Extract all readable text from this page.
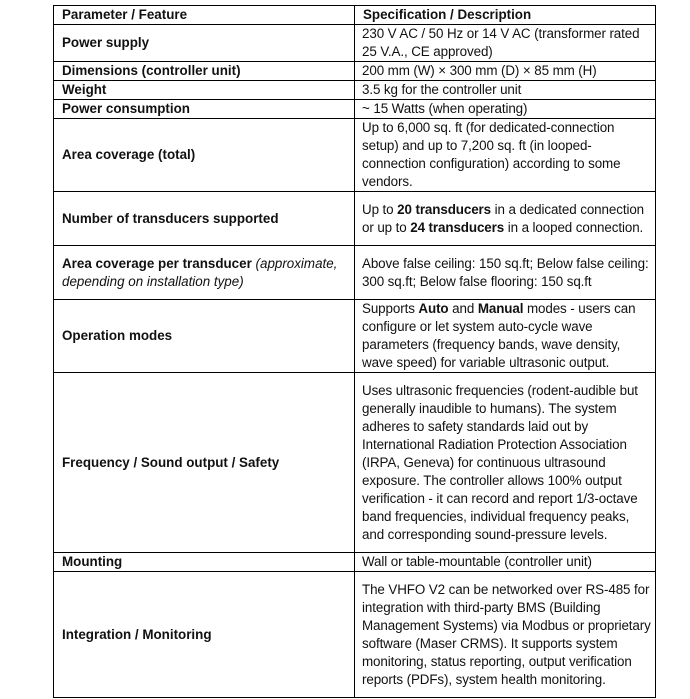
Parameter / Feature	Specification / Description
Power supply	230 V AC / 50 Hz or 14 V AC (transformer rated 25 V.A., CE approved)
Dimensions (controller unit)	200 mm (W) × 300 mm (D) × 85 mm (H)
Weight	3.5 kg for the controller unit
Power consumption	~ 15 Watts (when operating)
Area coverage (total)	Up to 6,000 sq. ft (for dedicated-connection setup) and up to 7,200 sq. ft (in looped-connection configuration) according to some vendors.
Number of transducers supported	Up to 20 transducers in a dedicated connection or up to 24 transducers in a looped connection.
Area coverage per transducer (approximate, depending on installation type)	Above false ceiling: 150 sq.ft; Below false ceiling: 300 sq.ft; Below false flooring: 150 sq.ft
Operation modes	Supports Auto and Manual modes - users can configure or let system auto-cycle wave parameters (frequency bands, wave density, wave speed) for variable ultrasonic output.
Frequency / Sound output / Safety	Uses ultrasonic frequencies (rodent-audible but generally inaudible to humans). The system adheres to safety standards laid out by International Radiation Protection Association (IRPA, Geneva) for continuous ultrasound exposure. The controller allows 100% output verification - it can record and report 1/3-octave band frequencies, individual frequency peaks, and corresponding sound-pressure levels.
Mounting	Wall or table-mountable (controller unit)
Integration / Monitoring	The VHFO V2 can be networked over RS-485 for integration with third-party BMS (Building Management Systems) via Modbus or proprietary software (Maser CRMS). It supports system monitoring, status reporting, output verification reports (PDFs), system health monitoring.
